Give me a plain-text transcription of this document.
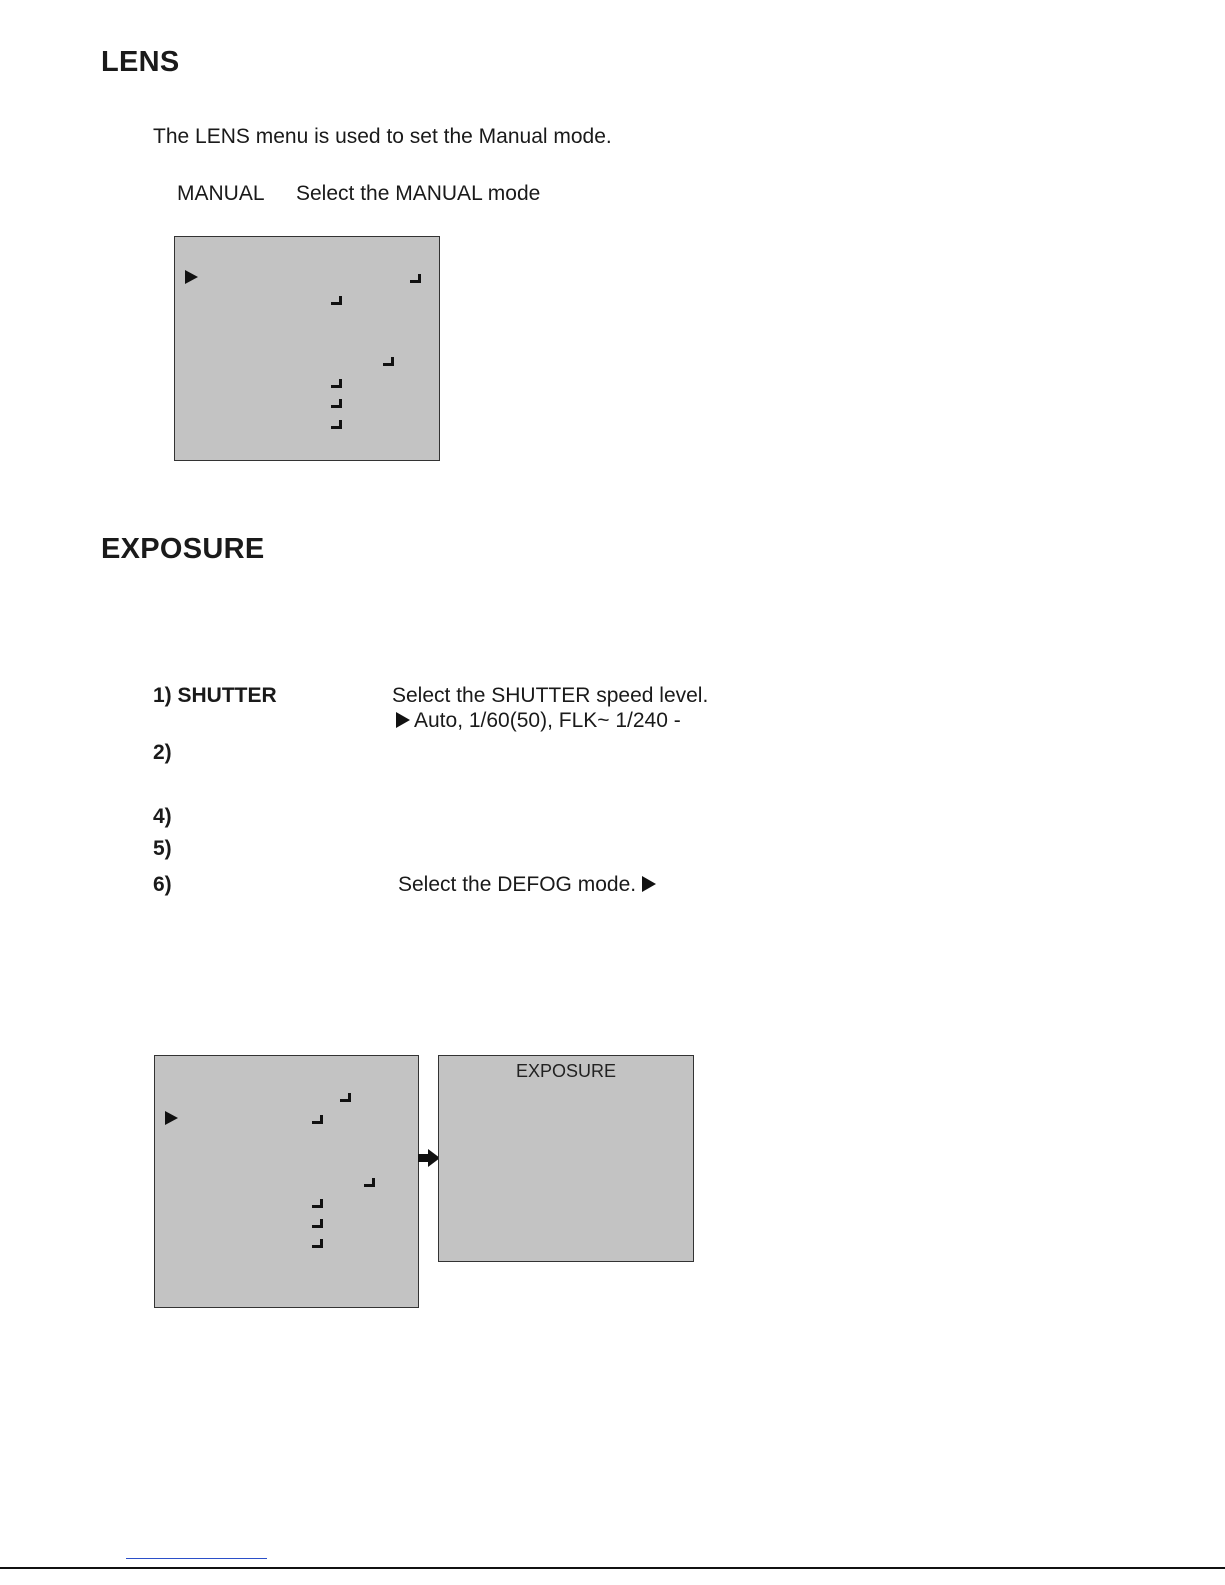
LENS
The LENS menu is used to set the Manual mode.
MANUAL Select the MANUAL mode
EXPOSURE
1) SHUTTER	Select the SHUTTER speed level.
Auto, 1/60(50), FLK~ 1/240 -
2)
4)
5)
6)	Select the DEFOG mode.
EXPOSURE
